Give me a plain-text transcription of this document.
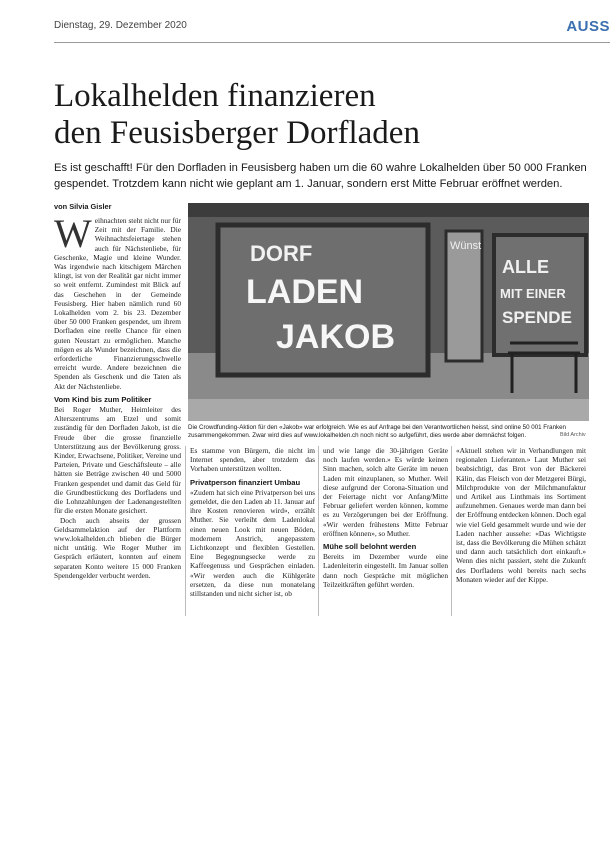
Dienstag, 29. Dezember 2020	AUSS
Lokalhelden finanzieren
den Feusisberger Dorfladen

Es ist geschafft! Für den Dorfladen in Feusisberg haben um die 60 wahre Lokalhelden über 50 000 Franken gespendet. Trotzdem kann nicht wie geplant am 1. Januar, sondern erst Mitte Februar eröffnet werden.

von Silvia Gisler

Weihnachten steht nicht nur für Zeit mit der Familie. Die Weihnachtsfeiertage stehen auch für Nächstenliebe, für Geschenke, Magie und kleine Wunder. Was irgendwie nach kitschigem Märchen klingt, ist von der Realität gar nicht immer so weit entfernt. Zumindest mit Blick auf das Geschehen in der Gemeinde Feusisberg. Hier haben nämlich rund 60 Lokalhelden vom 2. bis 23. Dezember über 50 000 Franken gespendet, um ihrem Dorfladen eine reelle Chance für einen guten Neustart zu ermöglichen. Manche mögen es als Wunder bezeichnen, dass die erforderliche Finanzierungsschwelle erreicht wurde. Andere bezeichnen die Spenden als Geschenk und die Taten als Akt der Nächstenliebe.

Vom Kind bis zum Politiker

Bei Roger Muther, Heimleiter des Alterszentrums am Etzel und somit zuständig für den Dorfladen Jakob, ist die Freude über die grosse finanzielle Unterstützung aus der Bevölkerung gross. Kinder, Erwachsene, Politiker, Vereine und Parteien, Private und Geschäftsleute – alle hätten sie Beträge zwischen 40 und 5000 Franken gespendet und damit das Geld für die Grundbestückung des Dorfladens und die Lohnzahlungen der Ladenangestellten für die ersten Monate gesichert.

Doch auch abseits der grossen Geldsammelaktion auf der Plattform www.lokalhelden.ch blieben die Bürger nicht untätig. Wie Roger Muther im Gespräch erläutert, konnten auf einem separaten Konto weitere 15 000 Franken Spendengelder verbucht werden.

DORF
LADEN
JAKOB
Wünst
ALLE
MIT EINER
SPENDE
Die Crowdfunding-Aktion für den «Jakob» war erfolgreich. Wie es auf Anfrage bei den Verantwortlichen heisst, sind online 50 001 Franken zusammengekommen. Zwar wird dies auf www.lokalhelden.ch noch nicht so aufgeführt, dies werde aber demnächst folgen.	Bild Archiv

Es stamme von Bürgern, die nicht im Internet spenden, aber trotzdem das Vorhaben unterstützen wollten.

Privatperson finanziert Umbau

«Zudem hat sich eine Privatperson bei uns gemeldet, die den Laden ab 11. Januar auf ihre Kosten renovieren wird», erzählt Muther. Sie verleiht dem Ladenlokal einen neuen Look mit neuen Böden, modernem Anstrich, angepasstem Lichtkonzept und flexiblen Gestellen. Eine Begegnungsecke werde zu Kaffeegenuss und Gesprächen einladen. «Wir werden auch die Kühlgeräte ersetzen, da diese nun monatelang stillstanden und nicht sicher ist, ob

und wie lange die 30-jährigen Geräte noch laufen werden.» Es würde keinen Sinn machen, solch alte Geräte im neuen Laden mit einzuplanen, so Muther. Weil diese aufgrund der Corona-Situation und der Feiertage nicht vor Anfang/Mitte Februar geliefert werden können, komme es zu Verzögerungen bei der Eröffnung. «Wir werden frühestens Mitte Februar eröffnen können», so Muther.

Mühe soll belohnt werden

Bereits im Dezember wurde eine Ladenleiterin eingestellt. Im Januar sollen dann noch Gespräche mit möglichen Teilzeitkräften geführt werden.

«Aktuell stehen wir in Verhandlungen mit regionalen Lieferanten.» Laut Muther sei beabsichtigt, das Brot von der Bäckerei Kälin, das Fleisch von der Metzgerei Bürgi, Milchprodukte von der Milchmanufaktur und Artikel aus Linthmais ins Sortiment aufzunehmen. Genaues werde man dann bei der Eröffnung entdecken können. Doch egal wie viel Geld gesammelt wurde und wie der Laden nachher aussehe: «Das Wichtigste ist, dass die Bevölkerung die Mühen schätzt und dann auch tatsächlich dort einkauft.» Wenn dies nicht passiert, steht die Zukunft des Dorfladens wohl bereits nach sechs Monaten wieder auf der Kippe.
